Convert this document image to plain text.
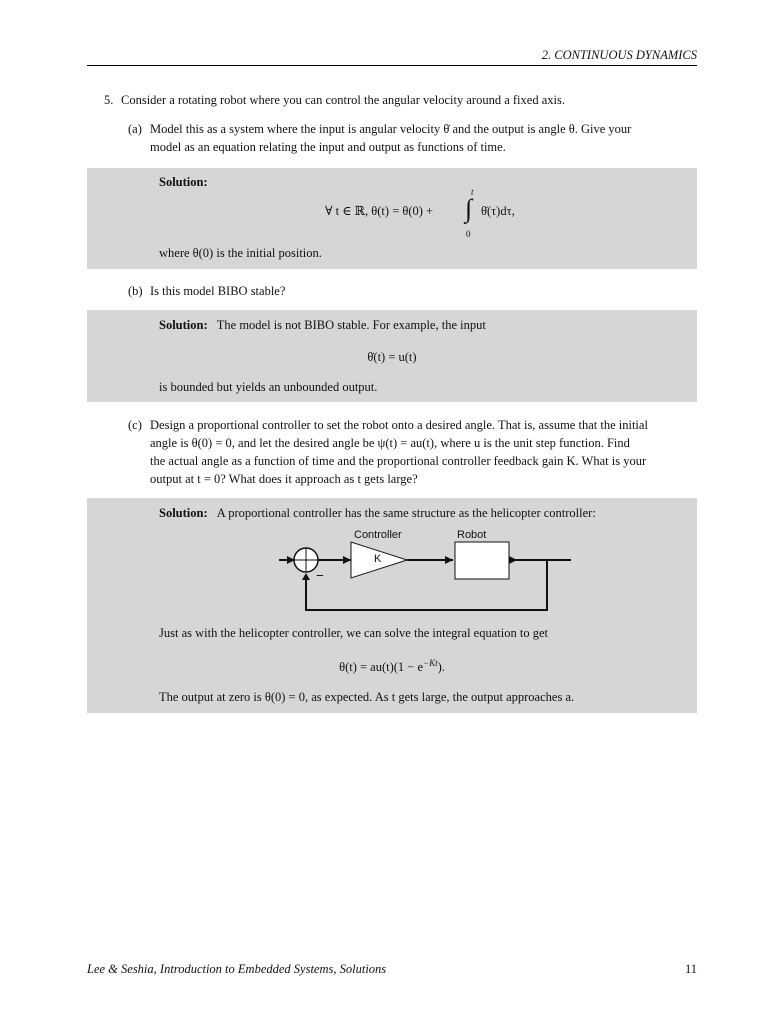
2. CONTINUOUS DYNAMICS
5. Consider a rotating robot where you can control the angular velocity around a fixed axis.
(a) Model this as a system where the input is angular velocity θ̇ and the output is angle θ. Give your
model as an equation relating the input and output as functions of time.
Solution:
∀ t ∈ ℝ, θ(t) = θ(0) + ∫
t
0
θ̇(τ)dτ,
where θ(0) is the initial position.
(b) Is this model BIBO stable?
Solution: The model is not BIBO stable. For example, the input
θ̇(t) = u(t)
is bounded but yields an unbounded output.
(c) Design a proportional controller to set the robot onto a desired angle. That is, assume that the initial
angle is θ(0) = 0, and let the desired angle be ψ(t) = au(t), where u is the unit step function. Find
the actual angle as a function of time and the proportional controller feedback gain K. What is your
output at t = 0? What does it approach as t gets large?
Solution: A proportional controller has the same structure as the helicopter controller:
Controller	Robot
K
−
Just as with the helicopter controller, we can solve the integral equation to get
$\theta(t) = au(t)(1 - e^{-Kt})$.
The output at zero is θ(0) = 0, as expected. As t gets large, the output approaches a.
Lee & Seshia, Introduction to Embedded Systems, Solutions	11
